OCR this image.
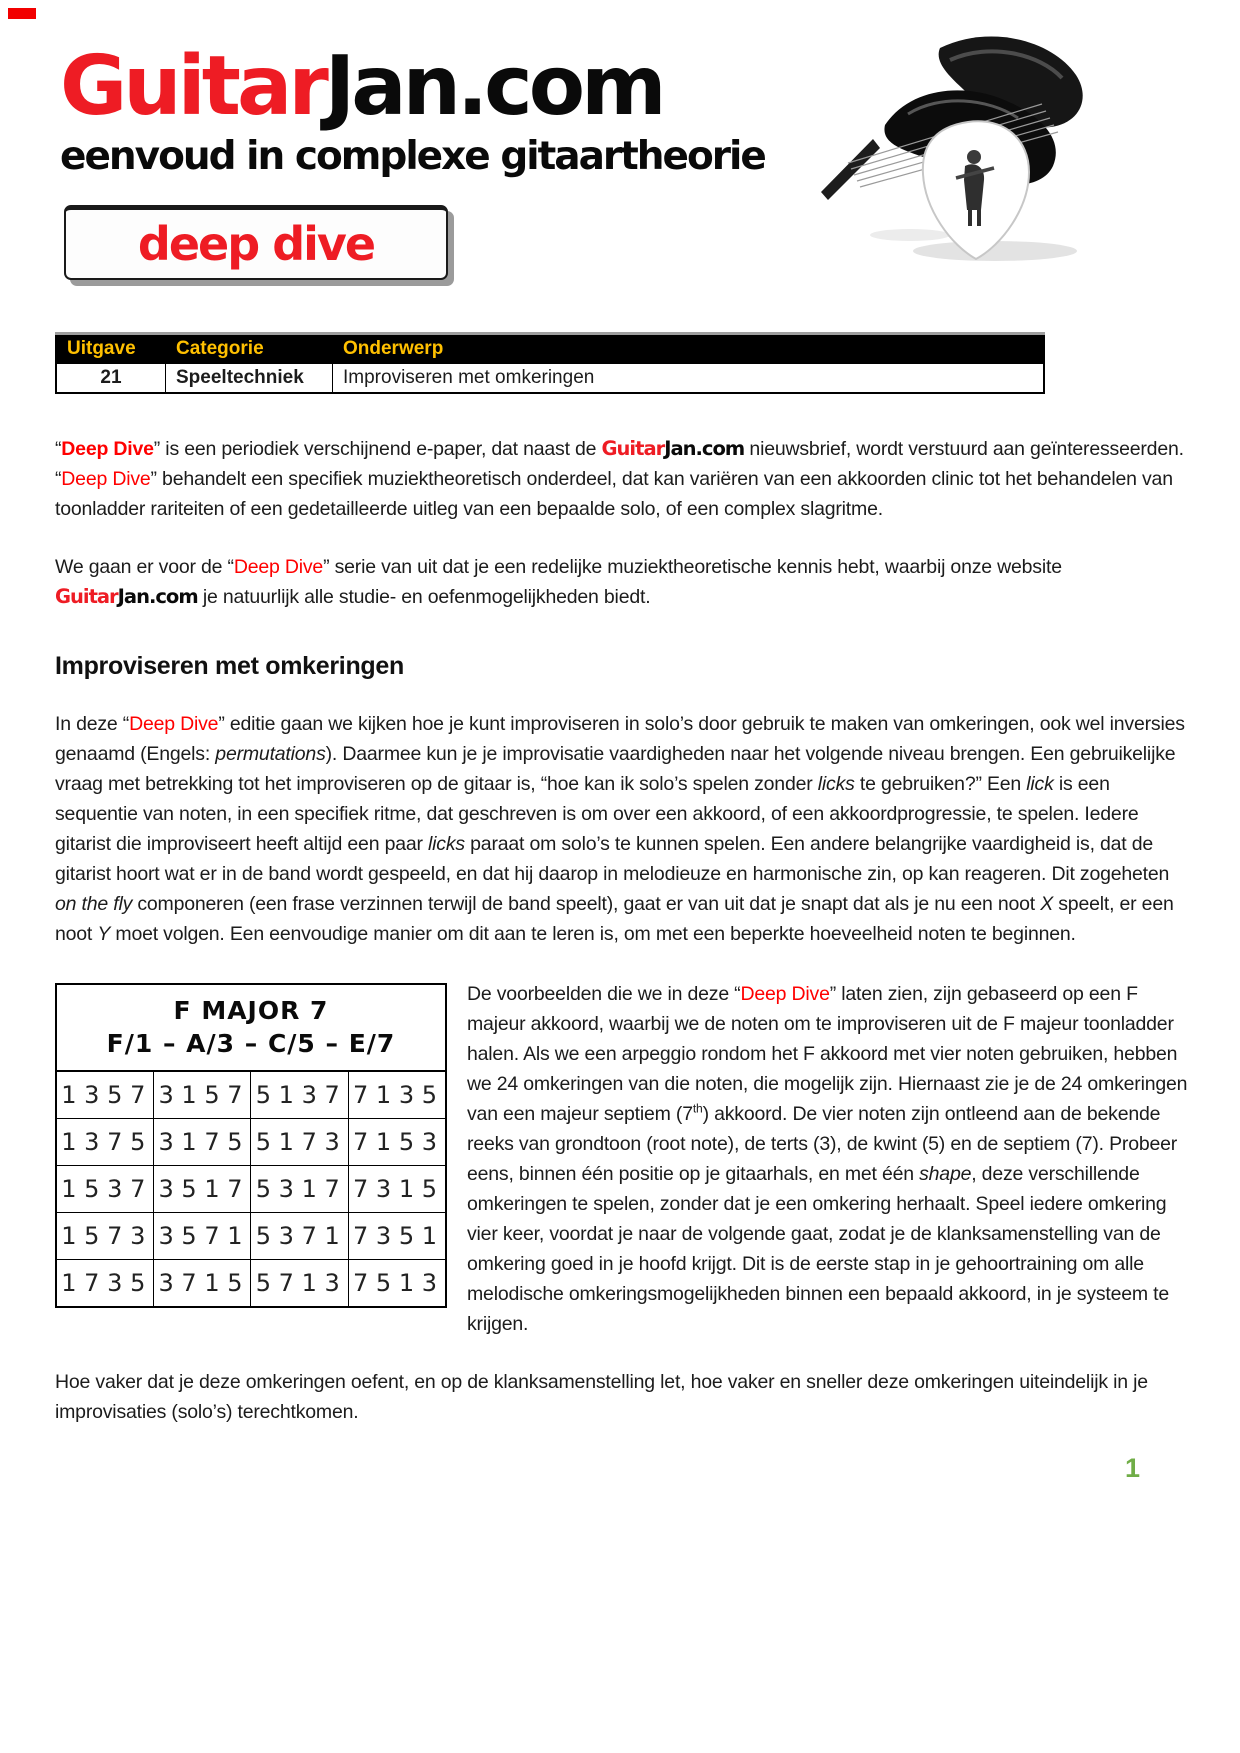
GuitarJan.com
eenvoud in complexe gitaartheorie
deep dive
Uitgave	Categorie	Onderwerp
21	Speeltechniek	Improviseren met omkeringen

“Deep Dive” is een periodiek verschijnend e-paper, dat naast de GuitarJan.com nieuwsbrief, wordt verstuurd aan geïnteresseerden. “Deep Dive” behandelt een specifiek muziektheoretisch onderdeel, dat kan variëren van een akkoorden clinic tot het behandelen van toonladder rariteiten of een gedetailleerde uitleg van een bepaalde solo, of een complex slagritme.

We gaan er voor de “Deep Dive” serie van uit dat je een redelijke muziektheoretische kennis hebt, waarbij onze website GuitarJan.com je natuurlijk alle studie- en oefenmogelijkheden biedt.

Improviseren met omkeringen

In deze “Deep Dive” editie gaan we kijken hoe je kunt improviseren in solo’s door gebruik te maken van omkeringen, ook wel inversies genaamd (Engels: permutations). Daarmee kun je je improvisatie vaardigheden naar het volgende niveau brengen. Een gebruikelijke vraag met betrekking tot het improviseren op de gitaar is, “hoe kan ik solo’s spelen zonder licks te gebruiken?” Een lick is een sequentie van noten, in een specifiek ritme, dat geschreven is om over een akkoord, of een akkoordprogressie, te spelen. Iedere gitarist die improviseert heeft altijd een paar licks paraat om solo’s te kunnen spelen. Een andere belangrijke vaardigheid is, dat de gitarist hoort wat er in de band wordt gespeeld, en dat hij daarop in melodieuze en harmonische zin, op kan reageren. Dit zogeheten on the fly componeren (een frase verzinnen terwijl de band speelt), gaat er van uit dat je snapt dat als je nu een noot X speelt, er een noot Y moet volgen. Een eenvoudige manier om dit aan te leren is, om met een beperkte hoeveelheid noten te beginnen.

F MAJOR 7
F/1 – A/3 – C/5 – E/7			

1357	3157	5137	7135
1375	3175	5173	7153
1537	3517	5317	7315
1573	3571	5371	7351
1735	3715	5713	7513

De voorbeelden die we in deze “Deep Dive” laten zien, zijn gebaseerd op een F majeur akkoord, waarbij we de noten om te improviseren uit de F majeur toonladder halen. Als we een arpeggio rondom het F akkoord met vier noten gebruiken, hebben we 24 omkeringen van die noten, die mogelijk zijn. Hiernaast zie je de 24 omkeringen van een majeur septiem (7th) akkoord. De vier noten zijn ontleend aan de bekende reeks van grondtoon (root note), de terts (3), de kwint (5) en de septiem (7). Probeer eens, binnen één positie op je gitaarhals, en met één shape, deze verschillende omkeringen te spelen, zonder dat je een omkering herhaalt. Speel iedere omkering vier keer, voordat je naar de volgende gaat, zodat je de klanksamenstelling van de omkering goed in je hoofd krijgt. Dit is de eerste stap in je gehoortraining om alle melodische omkeringsmogelijkheden binnen een bepaald akkoord, in je systeem te krijgen.

Hoe vaker dat je deze omkeringen oefent, en op de klanksamenstelling let, hoe vaker en sneller deze omkeringen uiteindelijk in je improvisaties (solo’s) terechtkomen.

1
